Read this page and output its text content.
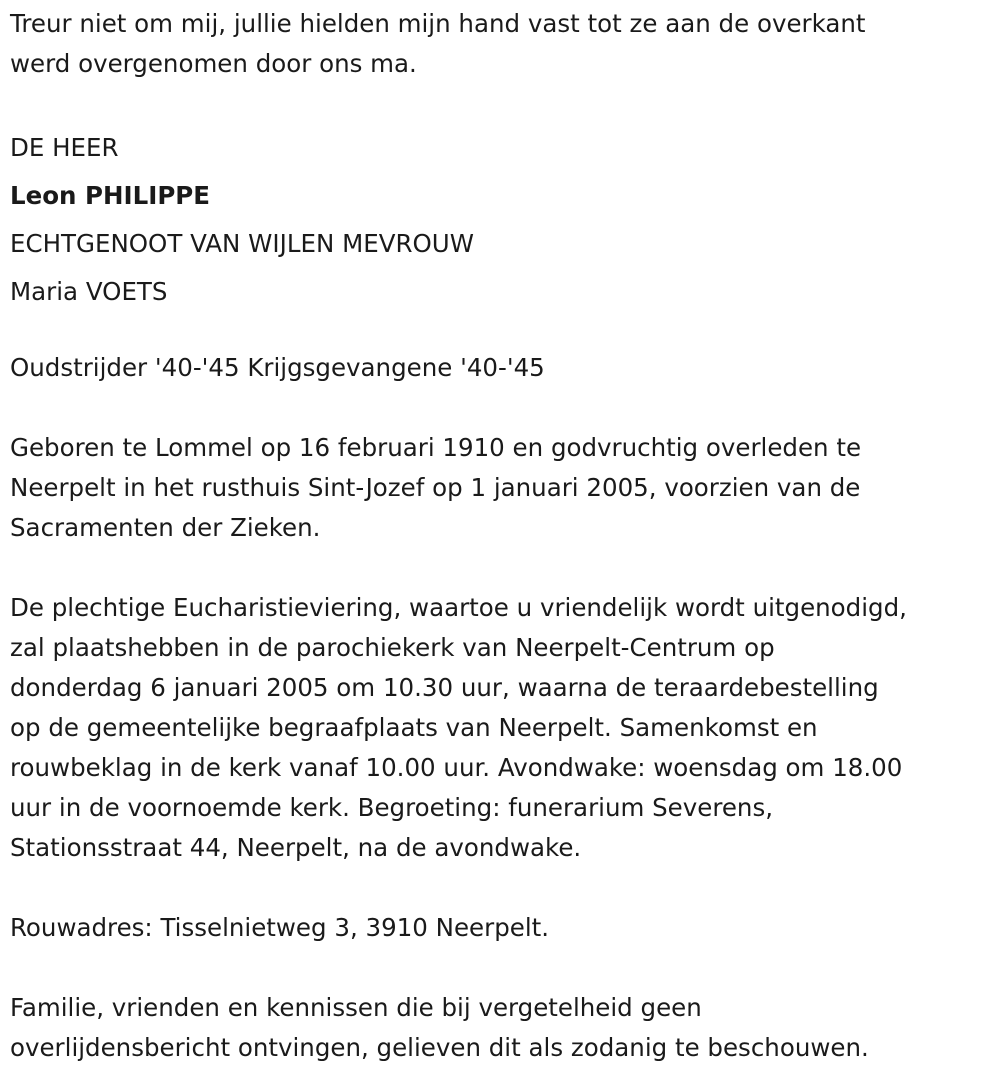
Treur niet om mij, jullie hielden mijn hand vast tot ze aan de overkant
werd overgenomen door ons ma.

DE HEER
Leon PHILIPPE
ECHTGENOOT VAN WIJLEN MEVROUW
Maria VOETS

Oudstrijder '40-'45 Krijgsgevangene '40-'45

Geboren te Lommel op 16 februari 1910 en godvruchtig overleden te
Neerpelt in het rusthuis Sint-Jozef op 1 januari 2005, voorzien van de
Sacramenten der Zieken.

De plechtige Eucharistieviering, waartoe u vriendelijk wordt uitgenodigd,
zal plaatshebben in de parochiekerk van Neerpelt-Centrum op
donderdag 6 januari 2005 om 10.30 uur, waarna de teraardebestelling
op de gemeentelijke begraafplaats van Neerpelt. Samenkomst en
rouwbeklag in de kerk vanaf 10.00 uur. Avondwake: woensdag om 18.00
uur in de voornoemde kerk. Begroeting: funerarium Severens,
Stationsstraat 44, Neerpelt, na de avondwake.

Rouwadres: Tisselnietweg 3, 3910 Neerpelt.

Familie, vrienden en kennissen die bij vergetelheid geen
overlijdensbericht ontvingen, gelieven dit als zodanig te beschouwen.
